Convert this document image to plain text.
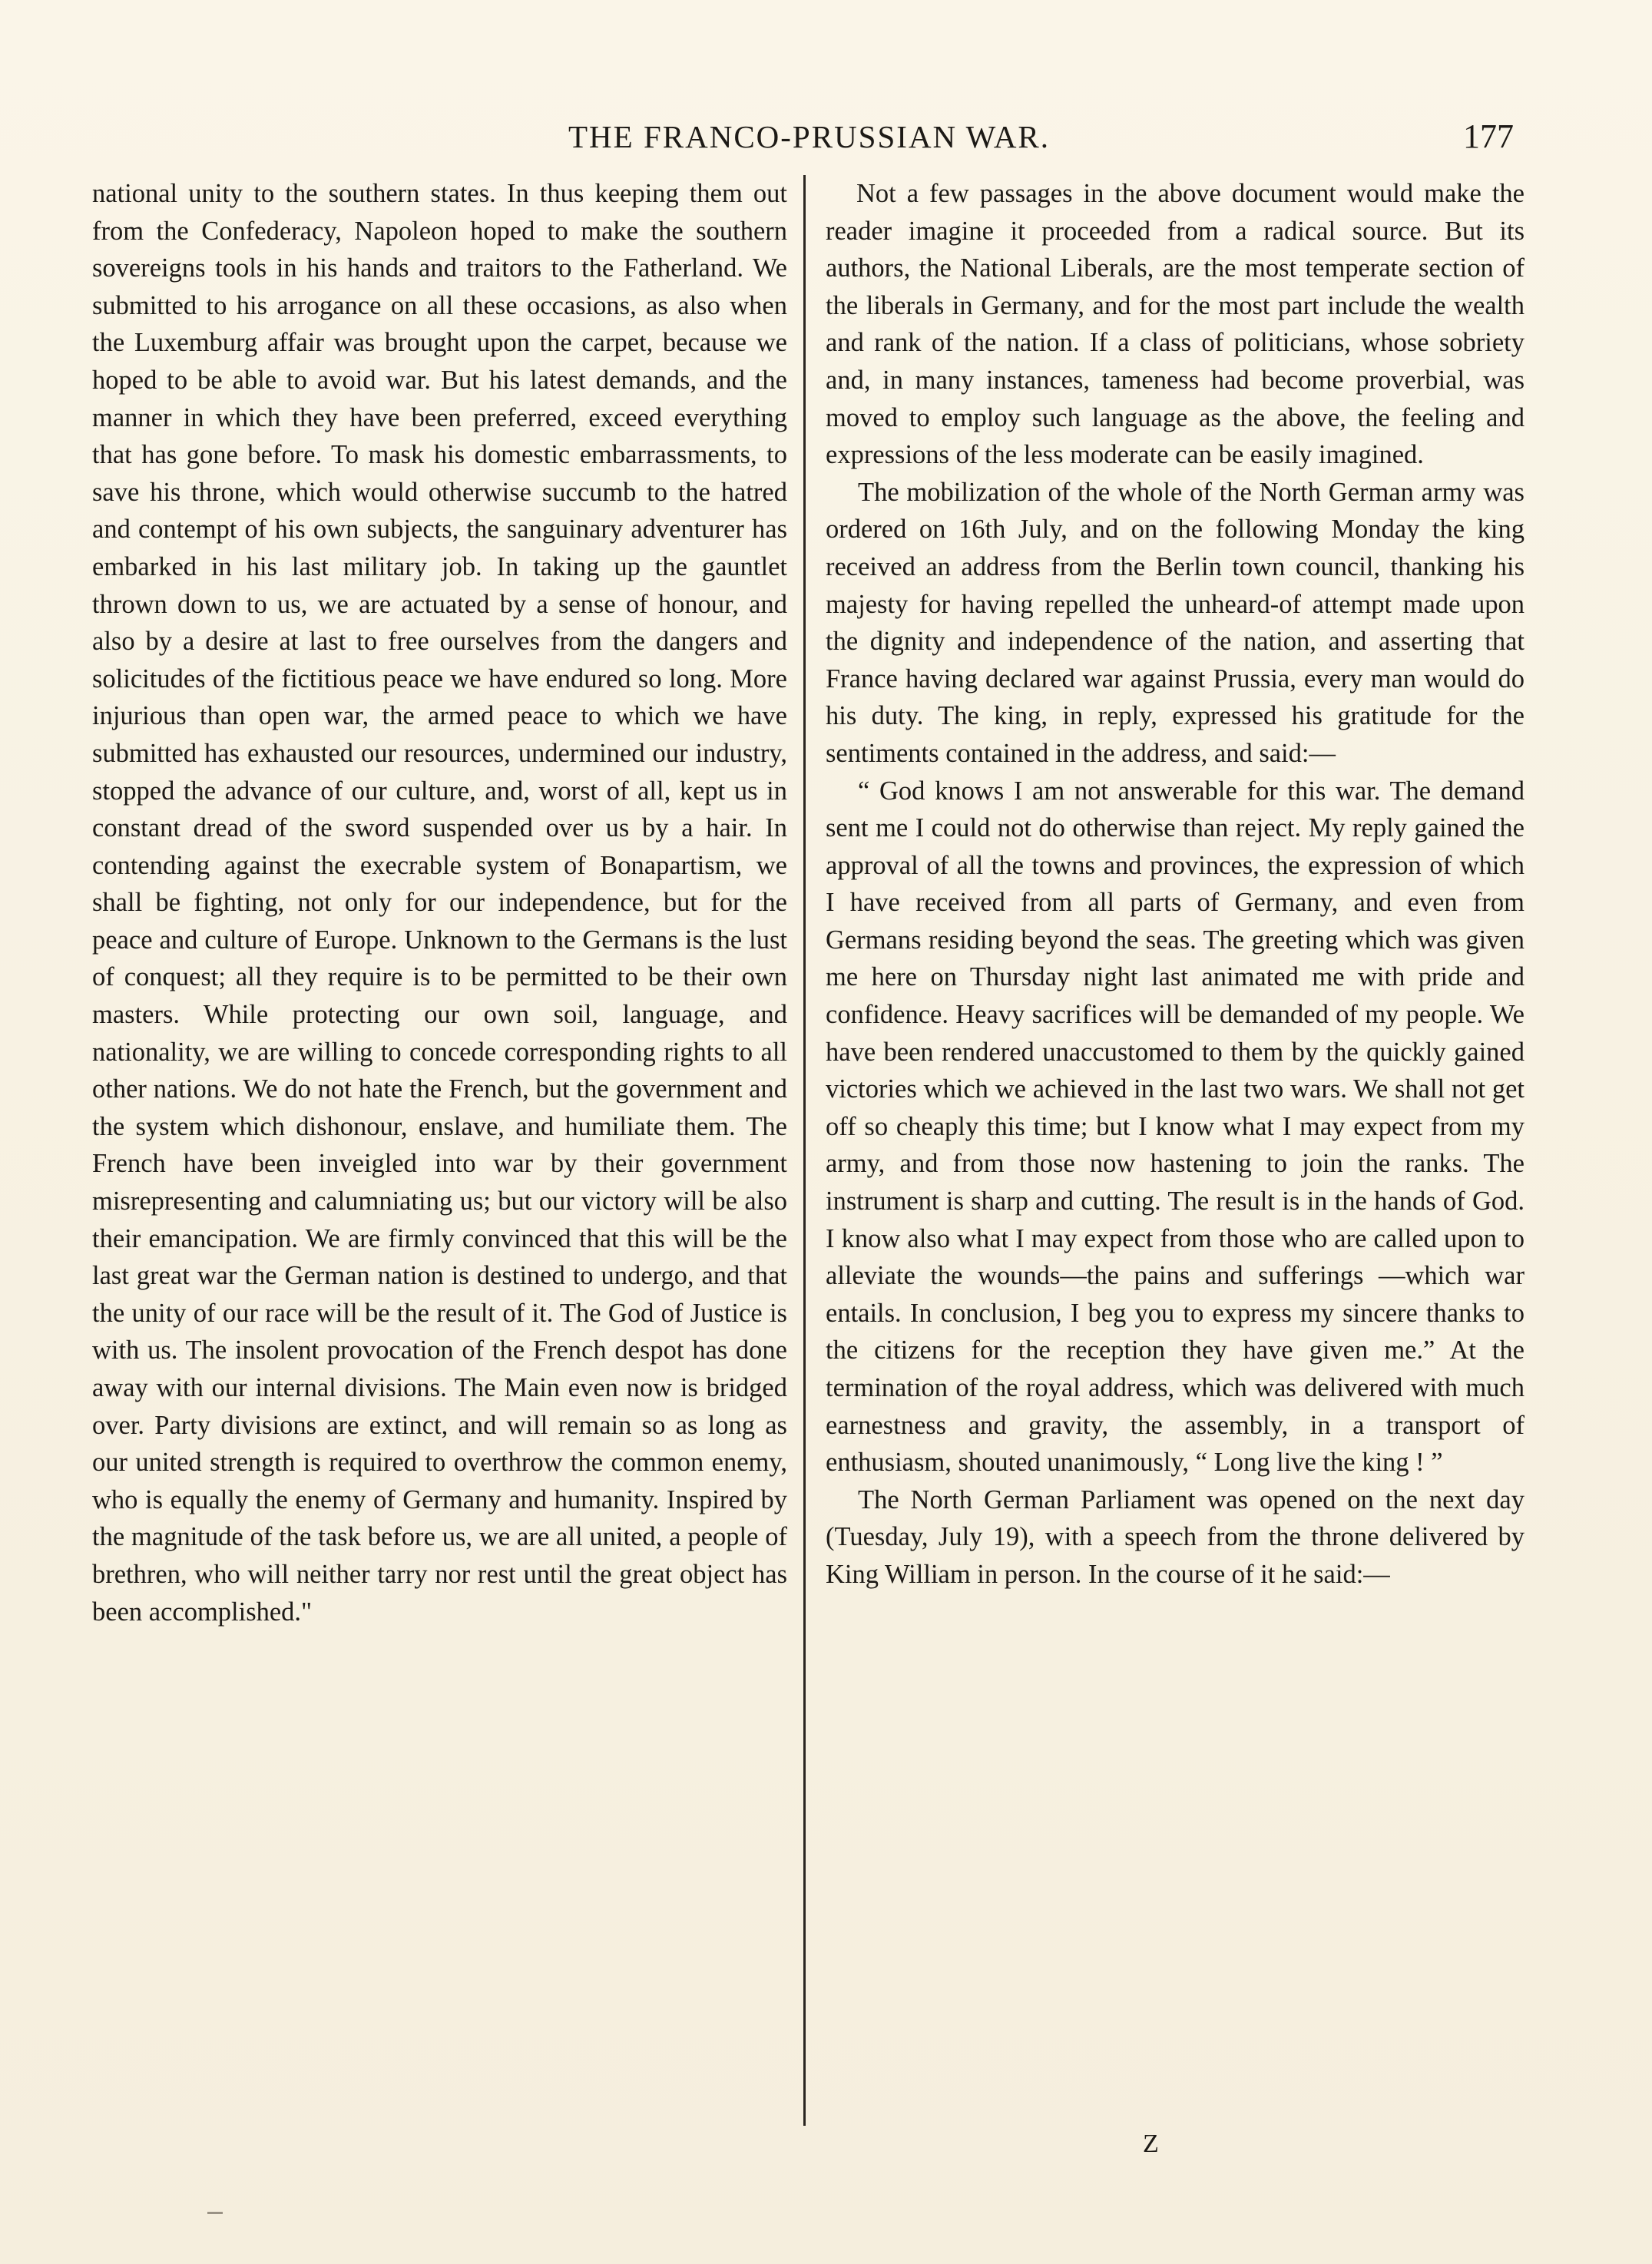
THE FRANCO-PRUSSIAN WAR.	177

national unity to the southern states. In thus keeping them out from the Confederacy, Napoleon hoped to make the southern sovereigns tools in his hands and traitors to the Fatherland. We submitted to his arrogance on all these occasions, as also when the Luxemburg affair was brought upon the carpet, because we hoped to be able to avoid war. But his latest demands, and the manner in which they have been preferred, exceed everything that has gone before. To mask his domestic embarrassments, to save his throne, which would otherwise succumb to the hatred and contempt of his own subjects, the sanguinary adventurer has embarked in his last military job. In taking up the gauntlet thrown down to us, we are actuated by a sense of honour, and also by a desire at last to free ourselves from the dangers and solicitudes of the fictitious peace we have endured so long. More injurious than open war, the armed peace to which we have submitted has exhausted our resources, undermined our industry, stopped the advance of our culture, and, worst of all, kept us in constant dread of the sword suspended over us by a hair. In contending against the execrable system of Bonapartism, we shall be fighting, not only for our independence, but for the peace and culture of Europe. Unknown to the Germans is the lust of conquest; all they require is to be permitted to be their own masters. While protecting our own soil, language, and nationality, we are willing to concede corresponding rights to all other nations. We do not hate the French, but the government and the system which dishonour, enslave, and humiliate them. The French have been inveigled into war by their government misrepresenting and calumniating us; but our victory will be also their emancipation. We are firmly convinced that this will be the last great war the German nation is destined to undergo, and that the unity of our race will be the result of it. The God of Justice is with us. The insolent provocation of the French despot has done away with our internal divisions. The Main even now is bridged over. Party divisions are extinct, and will remain so as long as our united strength is required to overthrow the common enemy, who is equally the enemy of Germany and humanity. Inspired by the magnitude of the task before us, we are all united, a people of brethren, who will neither tarry nor rest until the great object has been accomplished."

Not a few passages in the above document would make the reader imagine it proceeded from a radical source. But its authors, the National Liberals, are the most temperate section of the liberals in Germany, and for the most part include the wealth and rank of the nation. If a class of politicians, whose sobriety and, in many instances, tameness had become proverbial, was moved to employ such language as the above, the feeling and expressions of the less moderate can be easily imagined.

The mobilization of the whole of the North German army was ordered on 16th July, and on the following Monday the king received an address from the Berlin town council, thanking his majesty for having repelled the unheard-of attempt made upon the dignity and independence of the nation, and asserting that France having declared war against Prussia, every man would do his duty. The king, in reply, expressed his gratitude for the sentiments contained in the address, and said:—

“ God knows I am not answerable for this war. The demand sent me I could not do otherwise than reject. My reply gained the approval of all the towns and provinces, the expression of which I have received from all parts of Germany, and even from Germans residing beyond the seas. The greeting which was given me here on Thursday night last animated me with pride and confidence. Heavy sacrifices will be demanded of my people. We have been rendered unaccustomed to them by the quickly gained victories which we achieved in the last two wars. We shall not get off so cheaply this time; but I know what I may expect from my army, and from those now hastening to join the ranks. The instrument is sharp and cutting. The result is in the hands of God. I know also what I may expect from those who are called upon to alleviate the wounds—the pains and sufferings —which war entails. In conclusion, I beg you to express my sincere thanks to the citizens for the reception they have given me.” At the termination of the royal address, which was delivered with much earnestness and gravity, the assembly, in a transport of enthusiasm, shouted unanimously, “ Long live the king ! ”

The North German Parliament was opened on the next day (Tuesday, July 19), with a speech from the throne delivered by King William in person. In the course of it he said:—

Z
